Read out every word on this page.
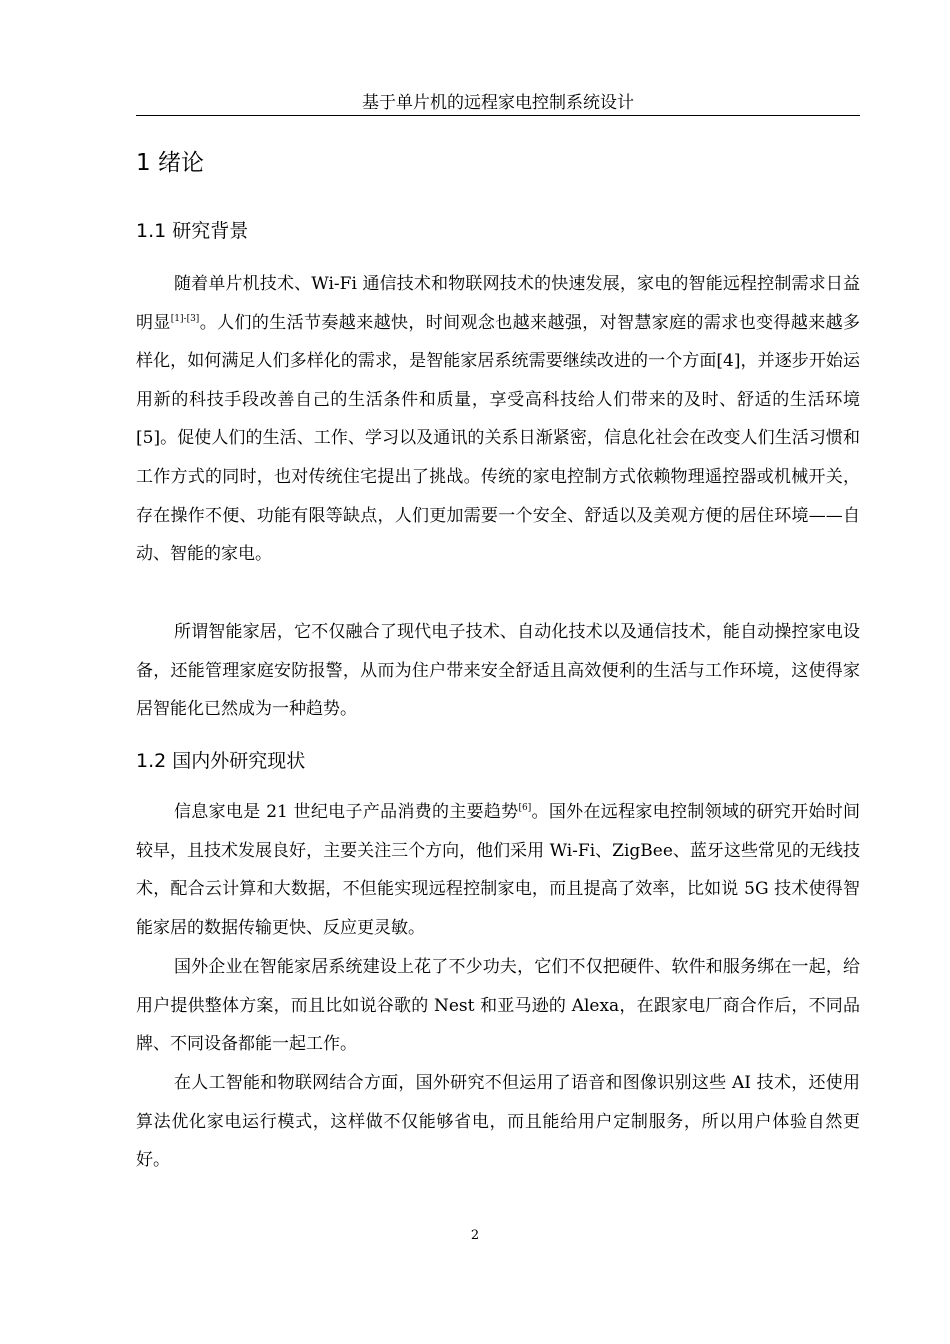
基于单片机的远程家电控制系统设计
1 绪论
1.1 研究背景

随着单片机技术、Wi-Fi 通信技术和物联网技术的快速发展，家电的智能远程控制需求日益明显[1]-[3]。人们的生活节奏越来越快，时间观念也越来越强，对智慧家庭的需求也变得越来越多样化，如何满足人们多样化的需求，是智能家居系统需要继续改进的一个方面[4]，并逐步开始运用新的科技手段改善自己的生活条件和质量，享受高科技给人们带来的及时、舒适的生活环境[5]。促使人们的生活、工作、学习以及通讯的关系日渐紧密，信息化社会在改变人们生活习惯和工作方式的同时，也对传统住宅提出了挑战。传统的家电控制方式依赖物理遥控器或机械开关，存在操作不便、功能有限等缺点，人们更加需要一个安全、舒适以及美观方便的居住环境——自动、智能的家电。

所谓智能家居，它不仅融合了现代电子技术、自动化技术以及通信技术，能自动操控家电设备，还能管理家庭安防报警，从而为住户带来安全舒适且高效便利的生活与工作环境，这使得家居智能化已然成为一种趋势。

1.2 国内外研究现状

信息家电是 21 世纪电子产品消费的主要趋势[6]。国外在远程家电控制领域的研究开始时间较早，且技术发展良好，主要关注三个方向，他们采用 Wi-Fi、ZigBee、蓝牙这些常见的无线技术，配合云计算和大数据，不但能实现远程控制家电，而且提高了效率，比如说 5G 技术使得智能家居的数据传输更快、反应更灵敏。

国外企业在智能家居系统建设上花了不少功夫，它们不仅把硬件、软件和服务绑在一起，给用户提供整体方案，而且比如说谷歌的 Nest 和亚马逊的 Alexa，在跟家电厂商合作后，不同品牌、不同设备都能一起工作。

在人工智能和物联网结合方面，国外研究不但运用了语音和图像识别这些 AI 技术，还使用算法优化家电运行模式，这样做不仅能够省电，而且能给用户定制服务，所以用户体验自然更好。

2
